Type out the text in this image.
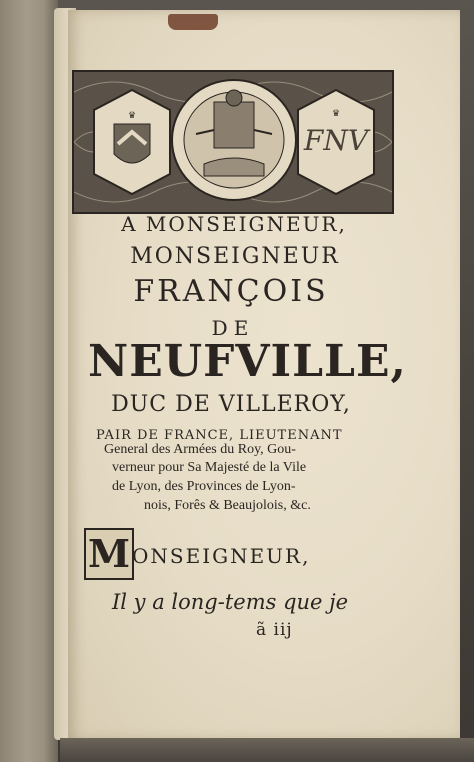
♛
FNV
♛
A MONSEIGNEUR,
MONSEIGNEUR
FRANÇOIS
DE
NEUFVILLE,
DUC DE VILLEROY,
PAIR DE FRANCE, LIEUTENANT
General des Armées du Roy, Gou-
verneur pour Sa Majesté de la Vile
de Lyon, des Provinces de Lyon-
nois, Forês & Beaujolois, &c.
M ONSEIGNEUR,
Il y a long-tems que je
ã iij
